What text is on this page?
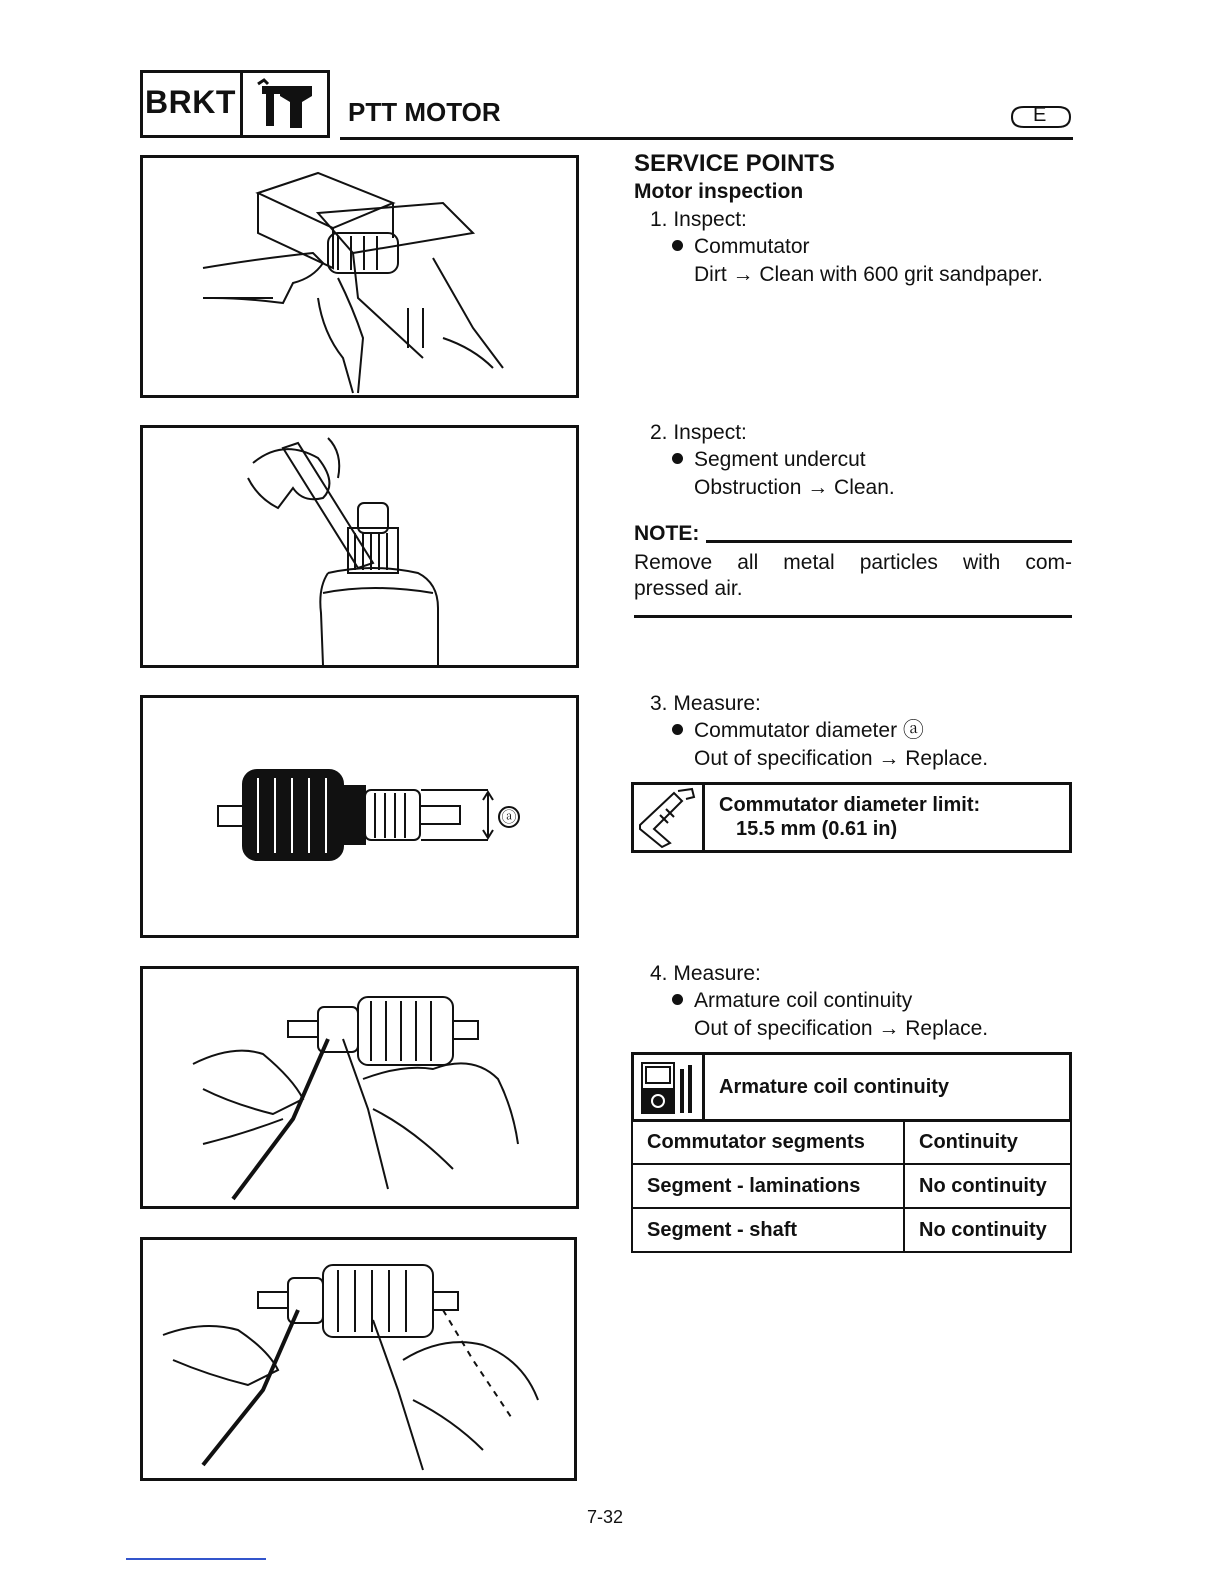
BRKT	PTT MOTOR	E
ⓐ
SERVICE POINTS
Motor inspection
1. Inspect:
Commutator
Dirt → Clean with 600 grit sandpaper.
2. Inspect:
Segment undercut
Obstruction → Clean.
NOTE:
Remove all metal particles with com-
pressed air.
3. Measure:
Commutator diameter ⓐ
Out of specification → Replace.
Commutator diameter limit:
15.5 mm (0.61 in)
4. Measure:
Armature coil continuity
Out of specification → Replace.
Armature coil continuity
Commutator segments	Continuity
Segment - laminations	No continuity
Segment - shaft	No continuity
7-32
